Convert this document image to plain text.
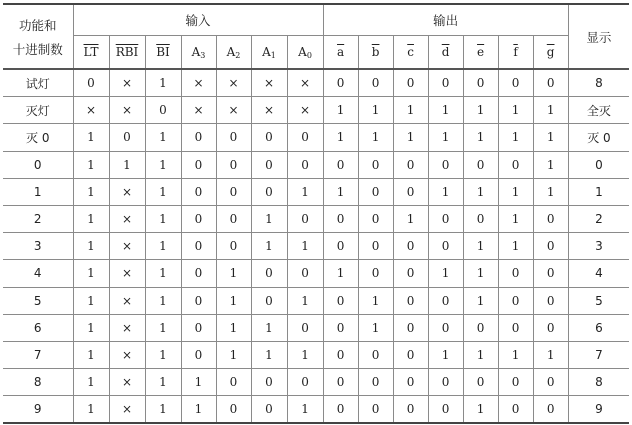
功能和
十进制数	输入							输出							显示
	$\overline{LT}$	$\overline{RBI}$	$\overline{BI}$	A3	A2	A1	A0	$\overline{a}$	$\overline{b}$	$\overline{c}$	$\overline{d}$	$\overline{e}$	$\overline{f}$	$\overline{g}$
试灯	0	×	1	×	×	×	×	0	0	0	0	0	0	0	8
灭灯	×	×	0	×	×	×	×	1	1	1	1	1	1	1	全灭
灭 0	1	0	1	0	0	0	0	1	1	1	1	1	1	1	灭 0
0	1	1	1	0	0	0	0	0	0	0	0	0	0	1	0
1	1	×	1	0	0	0	1	1	0	0	1	1	1	1	1
2	1	×	1	0	0	1	0	0	0	1	0	0	1	0	2
3	1	×	1	0	0	1	1	0	0	0	0	1	1	0	3
4	1	×	1	0	1	0	0	1	0	0	1	1	0	0	4
5	1	×	1	0	1	0	1	0	1	0	0	1	0	0	5
6	1	×	1	0	1	1	0	0	1	0	0	0	0	0	6
7	1	×	1	0	1	1	1	0	0	0	1	1	1	1	7
8	1	×	1	1	0	0	0	0	0	0	0	0	0	0	8
9	1	×	1	1	0	0	1	0	0	0	0	1	0	0	9
